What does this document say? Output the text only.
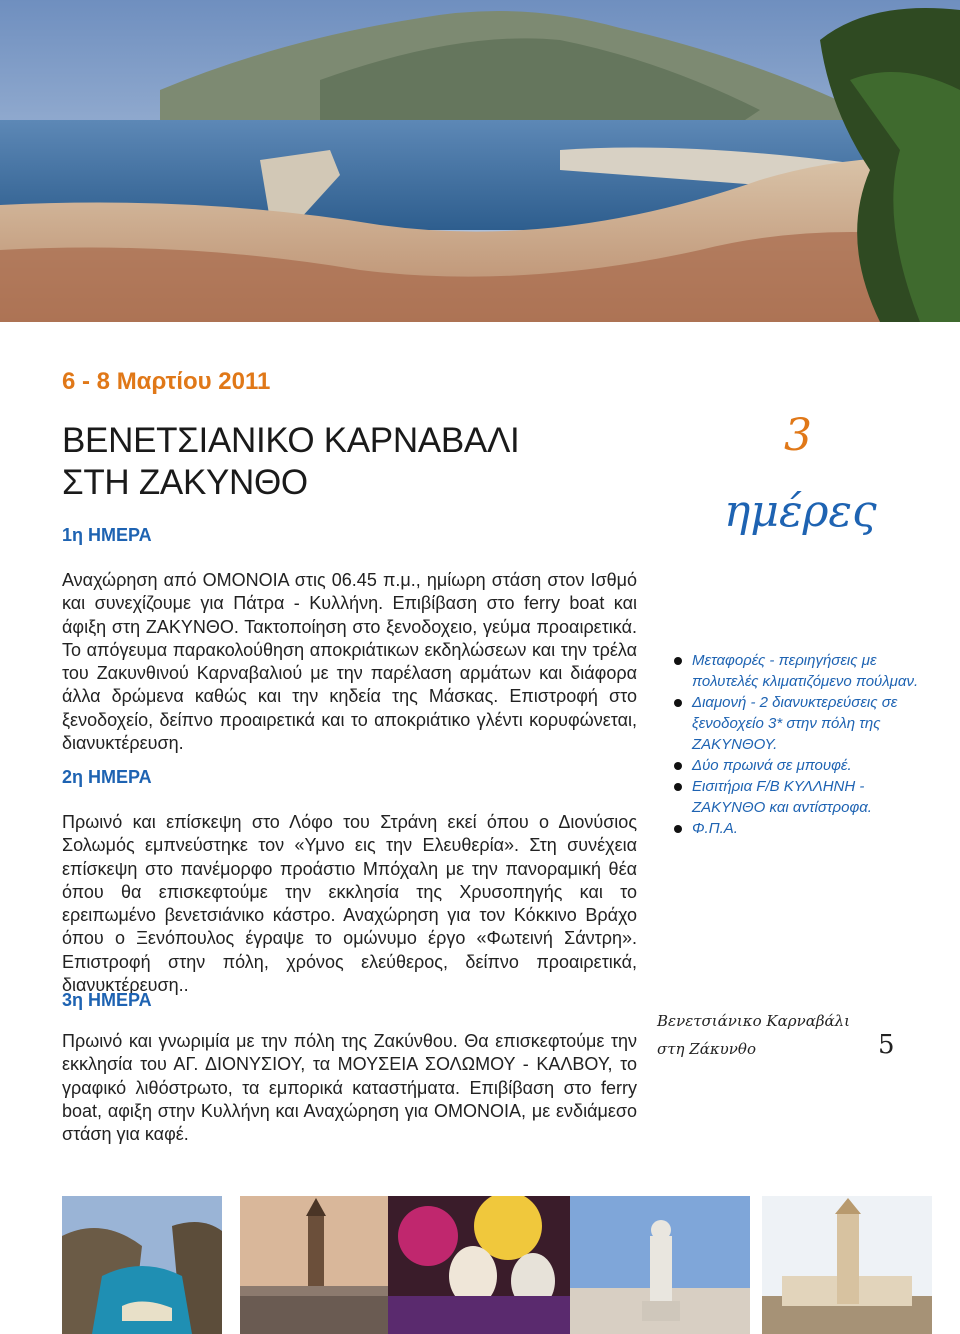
6 - 8 Μαρτίου 2011
ΒΕΝΕΤΣΙΑΝΙΚΟ ΚΑΡΝΑΒΑΛΙ
ΣΤΗ ΖΑΚΥΝΘΟ
1η ΗΜΕΡΑ

Αναχώρηση από ΟΜΟΝΟΙΑ στις 06.45 π.μ., ημίωρη στάση στον Ισθμό και συνεχίζουμε για Πάτρα - Κυλλήνη. Επιβίβαση στο ferry boat και άφιξη στη ΖΑΚΥΝΘΟ. Τακτοποίηση στο ξενοδοχειο, γεύμα προαιρετικά. Το απόγευμα παρακολούθηση αποκριάτικων εκδηλώσεων και την τρέλα του Ζακυνθινού Καρναβαλιού με την παρέλαση αρμάτων και διάφορα άλλα δρώμενα καθώς και την κηδεία της Μάσκας. Επιστροφή στο ξενοδοχείο, δείπνο προαιρετικά και το αποκριάτικο γλέντι κορυφώνεται, διανυκτέρευση.

2η ΗΜΕΡΑ

Πρωινό και επίσκεψη στο Λόφο του Στράνη εκεί όπου ο Διονύσιος Σολωμός εμπνεύστηκε τον «Υμνο εις την Ελευθερία». Στη συνέχεια επίσκεψη στο πανέμορφο προάστιο Μπόχαλη με την πανοραμική θέα όπου θα επισκεφτούμε την εκκλησία της Χρυσοπηγής και το ερειπωμένο βενετσιάνικο κάστρο. Αναχώρηση για τον Κόκκινο Βράχο όπου ο Ξενόπουλος έγραψε το ομώνυμο έργο «Φωτεινή Σάντρη». Επιστροφή στην πόλη, χρόνος ελεύθερος, δείπνο προαιρετικά, διανυκτέρευση..

3η ΗΜΕΡΑ

Πρωινό και γνωριμία με την πόλη της Ζακύνθου. Θα επισκεφτούμε την εκκλησία του ΑΓ. ΔΙΟΝΥΣΙΟΥ, τα ΜΟΥΣΕΙΑ ΣΟΛΩΜΟΥ - ΚΑΛΒΟΥ, το γραφικό λιθόστρωτο, τα εμπορικά καταστήματα. Επιβίβαση στο ferry boat, αφιξη στην Κυλλήνη και Αναχώρηση για ΟΜΟΝΟΙΑ, με ενδιάμεσο στάση για καφέ.

3
ημέρες
Μεταφορές - περιηγήσεις με πολυτελές κλιματιζόμενο πούλμαν.
Διαμονή - 2 διανυκτερεύσεις σε ξενοδοχείο 3* στην πόλη της ΖΑΚΥΝΘΟΥ.
Δύο πρωινά σε μπουφέ.
Εισιτήρια F/B ΚΥΛΛΗΝΗ - ΖΑΚΥΝΘΟ και αντίστροφα.
Φ.Π.Α.
Βενετσιάνικο Καρναβάλι
στη Ζάκυνθο	5
